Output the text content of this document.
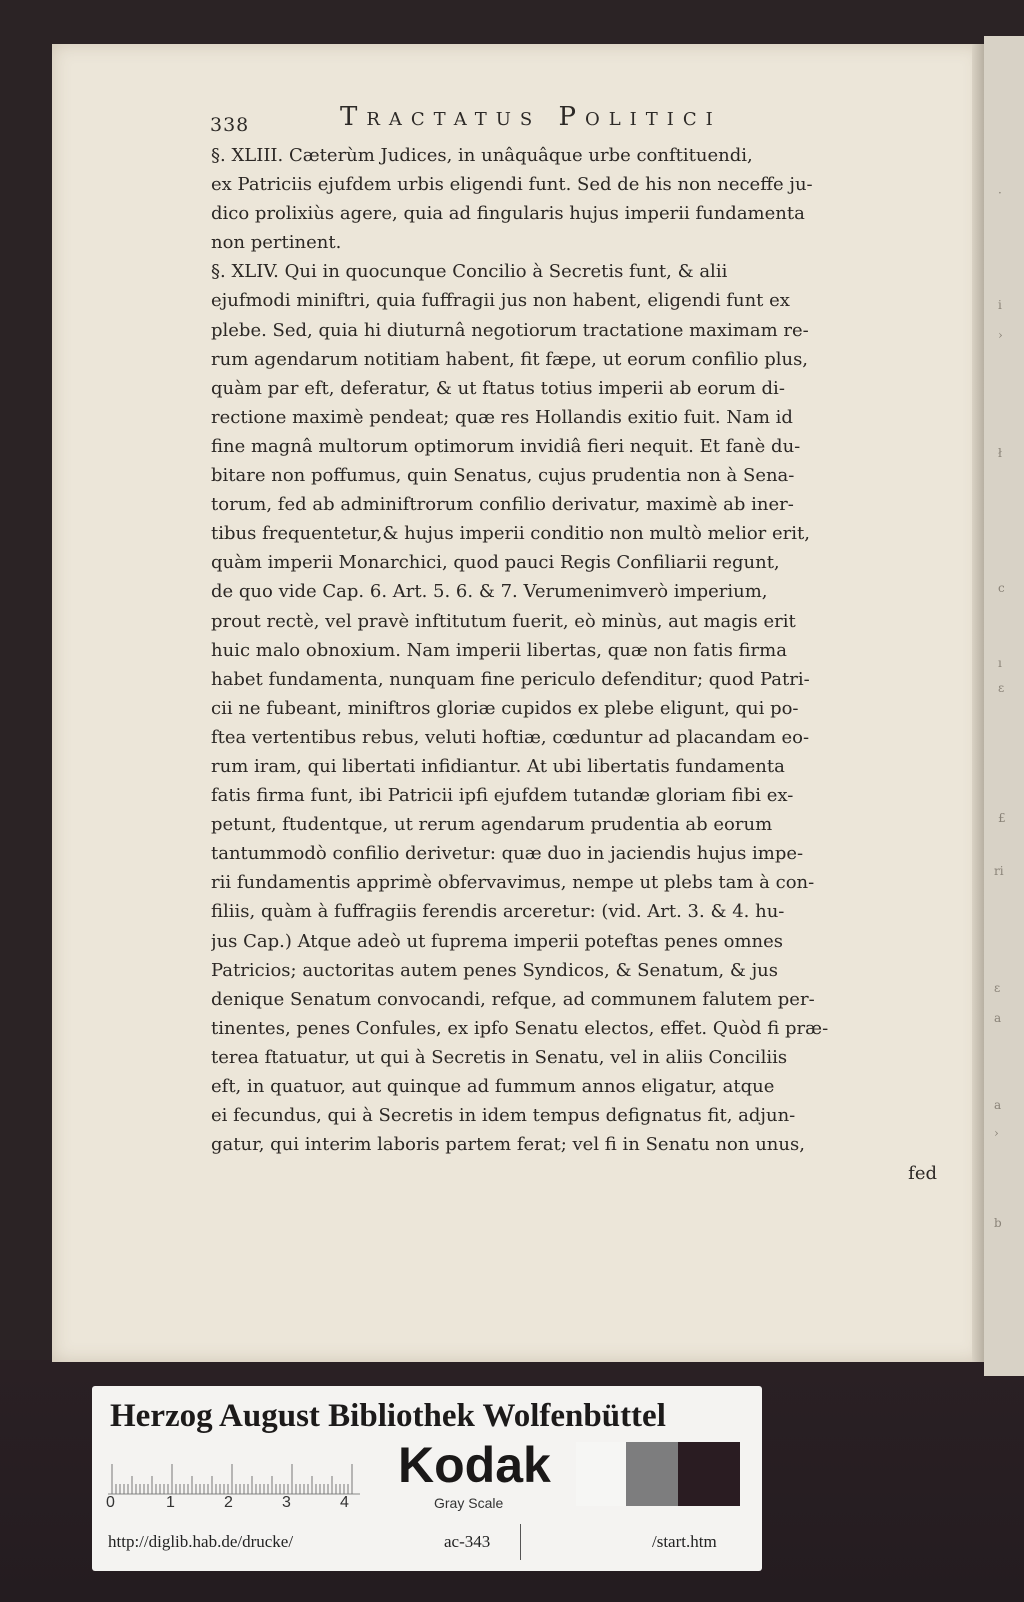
·
i
›
ł
c
ı
ε
£
ri
ε
a
a
›
b
338	Tractatus Politici
§. XLIII. Cæterùm Judices, in unâquâque urbe conftituendi,
ex Patriciis ejufdem urbis eligendi funt. Sed de his non neceffe ju-
dico prolixiùs agere, quia ad fingularis hujus imperii fundamenta
non pertinent.
§. XLIV. Qui in quocunque Concilio à Secretis funt, & alii
ejufmodi miniftri, quia fuffragii jus non habent, eligendi funt ex
plebe. Sed, quia hi diuturnâ negotiorum tractatione maximam re-
rum agendarum notitiam habent, fit fæpe, ut eorum confilio plus,
quàm par eft, deferatur, & ut ftatus totius imperii ab eorum di-
rectione maximè pendeat; quæ res Hollandis exitio fuit. Nam id
fine magnâ multorum optimorum invidiâ fieri nequit. Et fanè du-
bitare non poffumus, quin Senatus, cujus prudentia non à Sena-
torum, fed ab adminiftrorum confilio derivatur, maximè ab iner-
tibus frequentetur,& hujus imperii conditio non multò melior erit,
quàm imperii Monarchici, quod pauci Regis Confiliarii regunt,
de quo vide Cap. 6. Art. 5. 6. & 7. Verumenimverò imperium,
prout rectè, vel pravè inftitutum fuerit, eò minùs, aut magis erit
huic malo obnoxium. Nam imperii libertas, quæ non fatis firma
habet fundamenta, nunquam fine periculo defenditur; quod Patri-
cii ne fubeant, miniftros gloriæ cupidos ex plebe eligunt, qui po-
ftea vertentibus rebus, veluti hoftiæ, cœduntur ad placandam eo-
rum iram, qui libertati infidiantur. At ubi libertatis fundamenta
fatis firma funt, ibi Patricii ipfi ejufdem tutandæ gloriam fibi ex-
petunt, ftudentque, ut rerum agendarum prudentia ab eorum
tantummodò confilio derivetur: quæ duo in jaciendis hujus impe-
rii fundamentis apprimè obfervavimus, nempe ut plebs tam à con-
filiis, quàm à fuffragiis ferendis arceretur: (vid. Art. 3. & 4. hu-
jus Cap.) Atque adeò ut fuprema imperii poteftas penes omnes
Patricios; auctoritas autem penes Syndicos, & Senatum, & jus
denique Senatum convocandi, refque, ad communem falutem per-
tinentes, penes Confules, ex ipfo Senatu electos, effet. Quòd fi præ-
terea ftatuatur, ut qui à Secretis in Senatu, vel in aliis Conciliis
eft, in quatuor, aut quinque ad fummum annos eligatur, atque
ei fecundus, qui à Secretis in idem tempus defignatus fit, adjun-
gatur, qui interim laboris partem ferat; vel fi in Senatu non unus,
fed
Herzog August Bibliothek Wolfenbüttel
0	1	2	3	4
Kodak
Gray Scale
http://diglib.hab.de/drucke/	ac-343	/start.htm
